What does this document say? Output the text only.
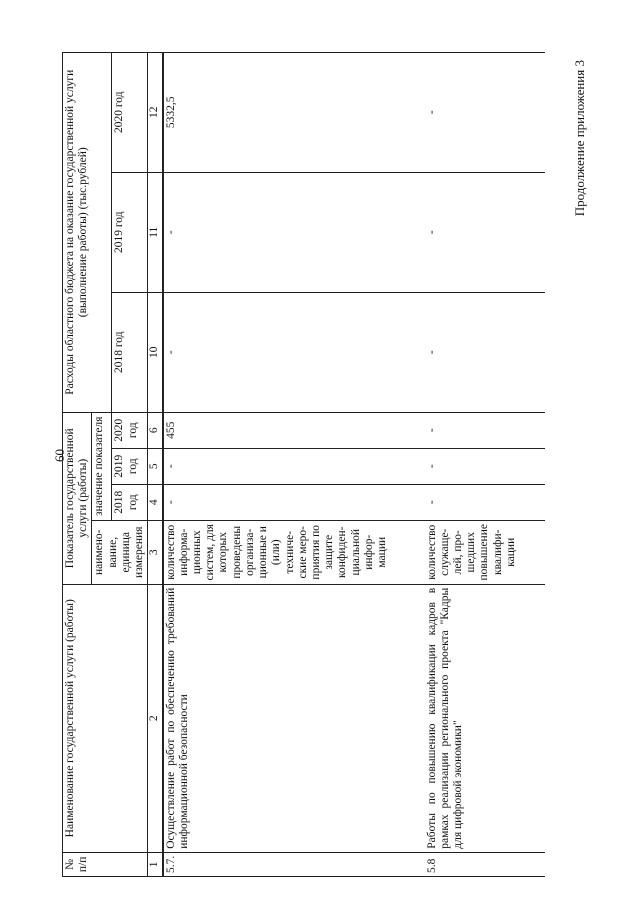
60
Продолжение приложения 3
№ п/п	Наименование государственной услуги (работы)	Показатель государственной услуги (работы)				Расходы областного бюджета на оказание государственной услуги (выполнение работы) (тыс.рублей)		
		наимено-вание, единица измерения	значение показателя					
			2018 год	2019 год	2020 год	2018 год	2019 год	2020 год
1	2	3	4	5	6	10	11	12
5.7.	Осуществление работ по обеспечению требований информационной безопасности	количество информа-ционных систем, для которых проведены организа-ционные и (или) техниче-ские меро-приятия по защите конфиден-циальной инфор-мации	-	-	455	-	-	5332,5
5.8	Работы по повышению квалификации кадров в рамках реализации регионального проекта "Кадры для цифровой экономики"	количество служаще-лей, про-шедших повышение квалифи-кации	-	-	-	-	-	-
